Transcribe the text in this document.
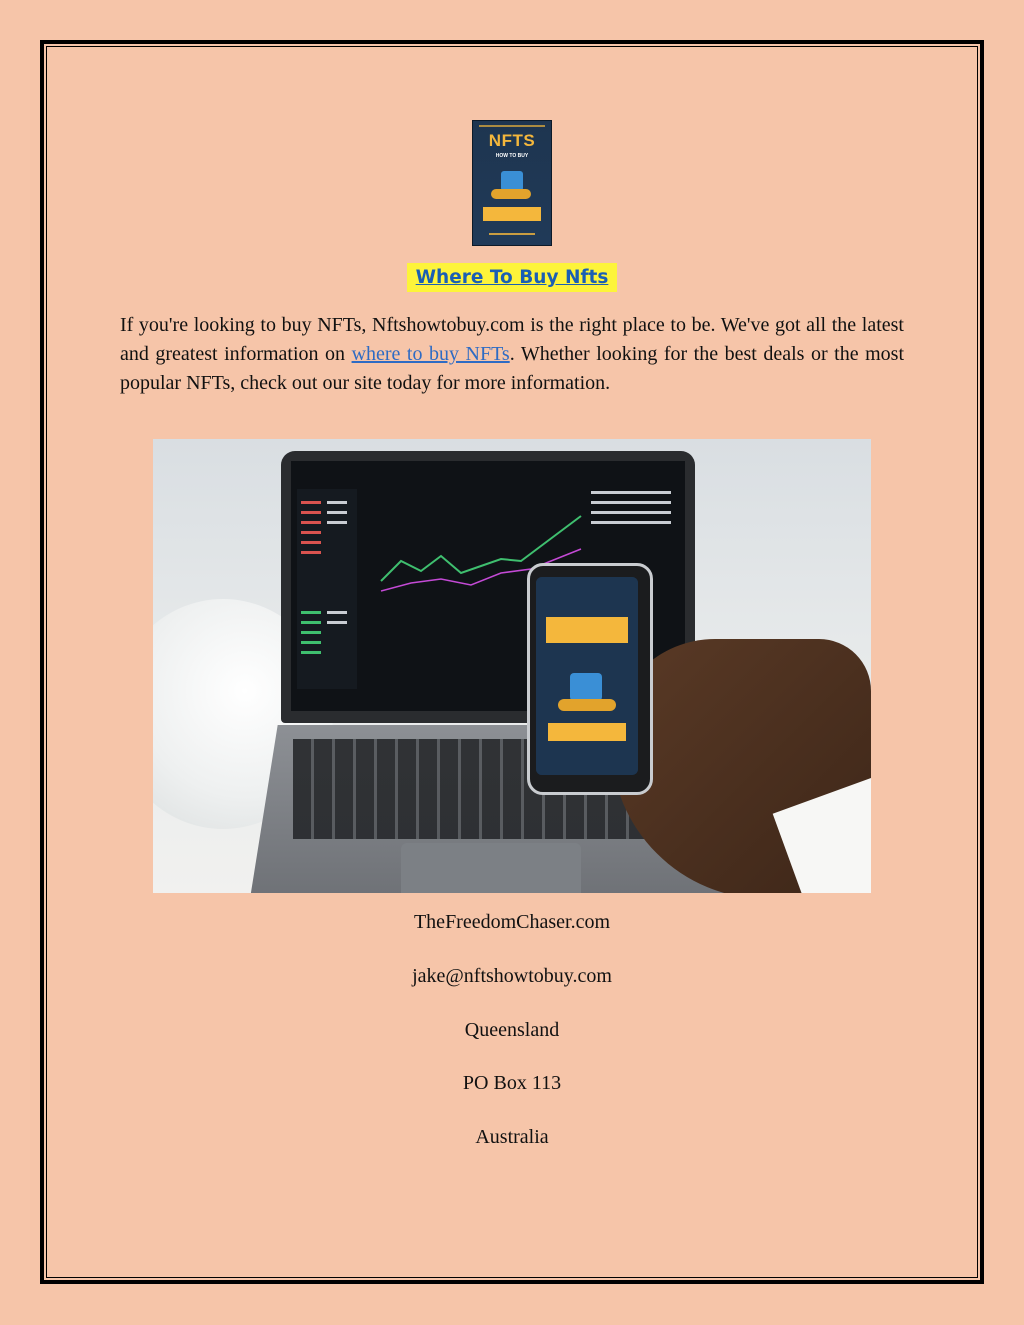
NFTS
HOW TO BUY
Where To Buy Nfts

If you're looking to buy NFTs, Nftshowtobuy.com is the right place to be. We've got all the latest and greatest information on where to buy NFTs. Whether looking for the best deals or the most popular NFTs, check out our site today for more information.

TheFreedomChaser.com
jake@nftshowtobuy.com
Queensland
PO Box 113
Australia
